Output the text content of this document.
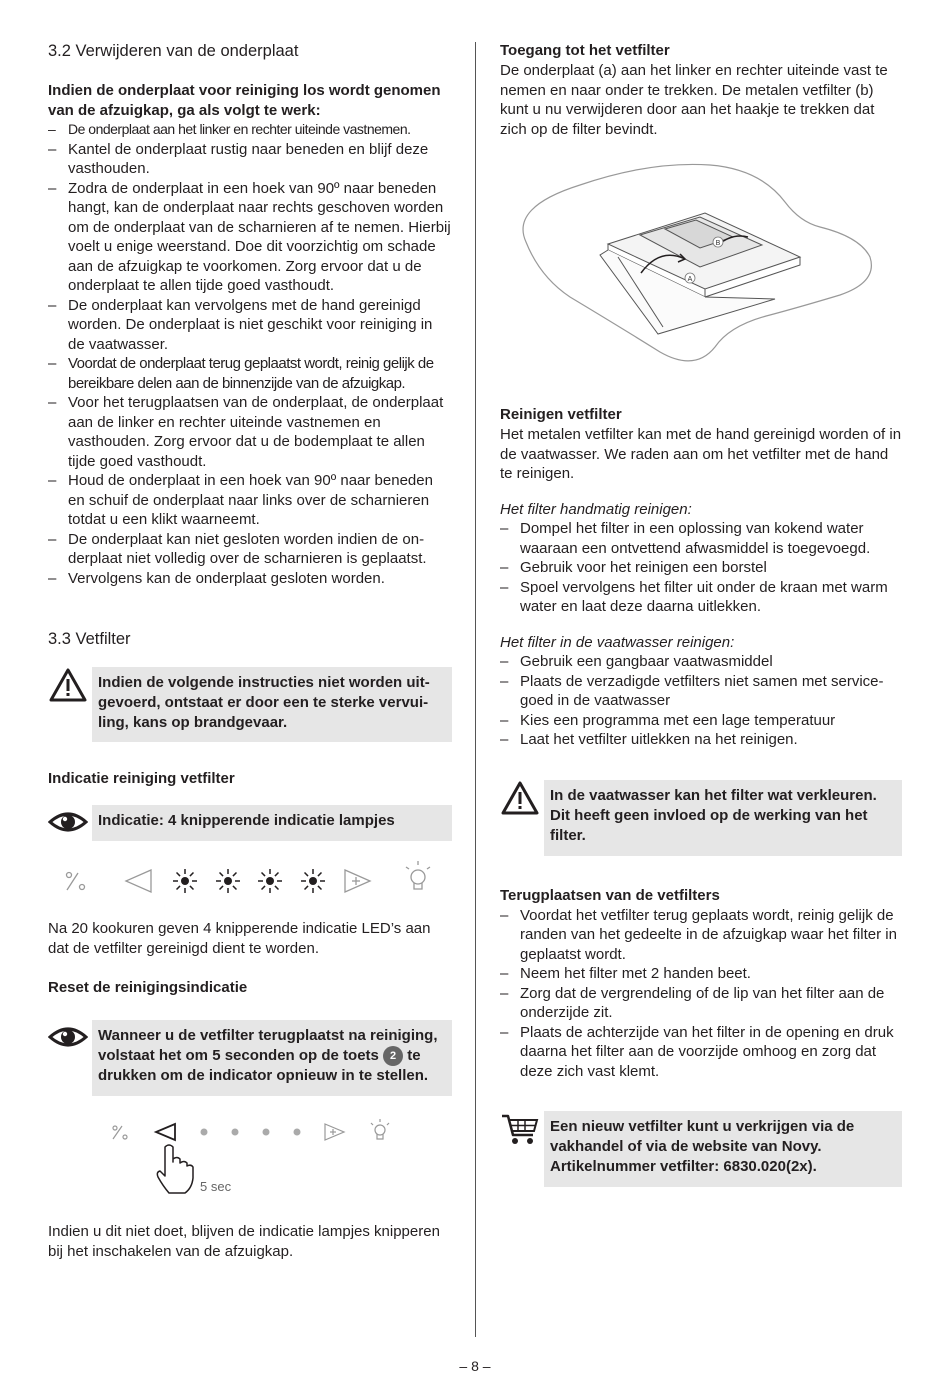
3.2 Verwijderen van de onderplaat
Indien de onderplaat voor reiniging los wordt genomen van de afzuigkap, ga als volgt te werk:
– De onderplaat aan het linker en rechter uiteinde vastnemen.
– Kantel de onderplaat rustig naar beneden en blijf deze vasthouden.
– Zodra de onderplaat in een hoek van 90º naar beneden hangt, kan de onderplaat naar rechts geschoven worden om de onderplaat van de scharnieren af te nemen. Hierbij voelt u enige weerstand. Doe dit voorzichtig om schade aan de afzuigkap te voorkomen. Zorg ervoor dat u de onderplaat te allen tijde goed vasthoudt.
– De onderplaat kan vervolgens met de hand gereinigd worden. De onderplaat is niet geschikt voor reiniging in de vaatwasser.
– Voordat de onderplaat terug geplaatst wordt, reinig gelijk de bereikbare delen aan de binnenzijde van de afzuigkap.
– Voor het terugplaatsen van de onderplaat, de onderplaat aan de linker en rechter uiteinde vastnemen en vasthouden. Zorg ervoor dat u de bodemplaat te allen tijde goed vasthoudt.
– Houd de onderplaat in een hoek van 90º naar beneden en schuif de onderplaat naar links over de scharnieren totdat u een klikt waarneemt.
– De onderplaat kan niet gesloten worden indien de onderplaat niet volledig over de scharnieren is geplaatst.
– Vervolgens kan de onderplaat gesloten worden.
3.3 Vetfilter
Indien de volgende instructies niet worden uitgevoerd, ontstaat er door een te sterke vervuiling, kans op brandgevaar.
Indicatie reiniging vetfilter
Indicatie: 4 knipperende indicatie lampjes

Na 20 kookuren geven 4 knipperende indicatie LED’s aan dat de vetfilter gereinigd dient te worden.

Reset de reinigingsindicatie
Wanneer u de vetfilter terugplaatst na reiniging, volstaat het om 5 seconden op de toets 2 te drukken om de indicator opnieuw in te stellen.
5 sec

Indien u dit niet doet, blijven de indicatie lampjes knipperen bij het inschakelen van de afzuigkap.

Toegang tot het vetfilter

De onderplaat (a) aan het linker en rechter uiteinde vast te nemen en naar onder te trekken. De metalen vetfilter (b) kunt u nu verwijderen door aan het haakje te trekken dat zich op de filter bevindt.

A
B
Reinigen vetfilter

Het metalen vetfilter kan met de hand gereinigd worden of in de vaatwasser. We raden aan om het vetfilter met de hand te reinigen.

Het filter handmatig reinigen:

– Dompel het filter in een oplossing van kokend water waaraan een ontvettend afwasmiddel is toegevoegd.
– Gebruik voor het reinigen een borstel
– Spoel vervolgens het filter uit onder de kraan met warm water en laat deze daarna uitlekken.

Het filter in de vaatwasser reinigen:

– Gebruik een gangbaar vaatwasmiddel
– Plaats de verzadigde vetfilters niet samen met servicegoed in de vaatwasser
– Kies een programma met een lage temperatuur
– Laat het vetfilter uitlekken na het reinigen.
In de vaatwasser kan het filter wat verkleuren. Dit heeft geen invloed op de werking van het filter.
Terugplaatsen van de vetfilters
– Voordat het vetfilter terug geplaats wordt, reinig gelijk de randen van het gedeelte in de afzuigkap waar het filter in geplaatst wordt.
– Neem het filter met 2 handen beet.
– Zorg dat de vergrendeling of de lip van het filter aan de onderzijde zit.
– Plaats de achterzijde van het filter in de opening en druk daarna het filter aan de voorzijde omhoog en zorg dat deze zich vast klemt.
Een nieuw vetfilter kunt u verkrijgen via de vakhandel of via de website van Novy. Artikelnummer vetfilter: 6830.020(2x).
– 8 –
